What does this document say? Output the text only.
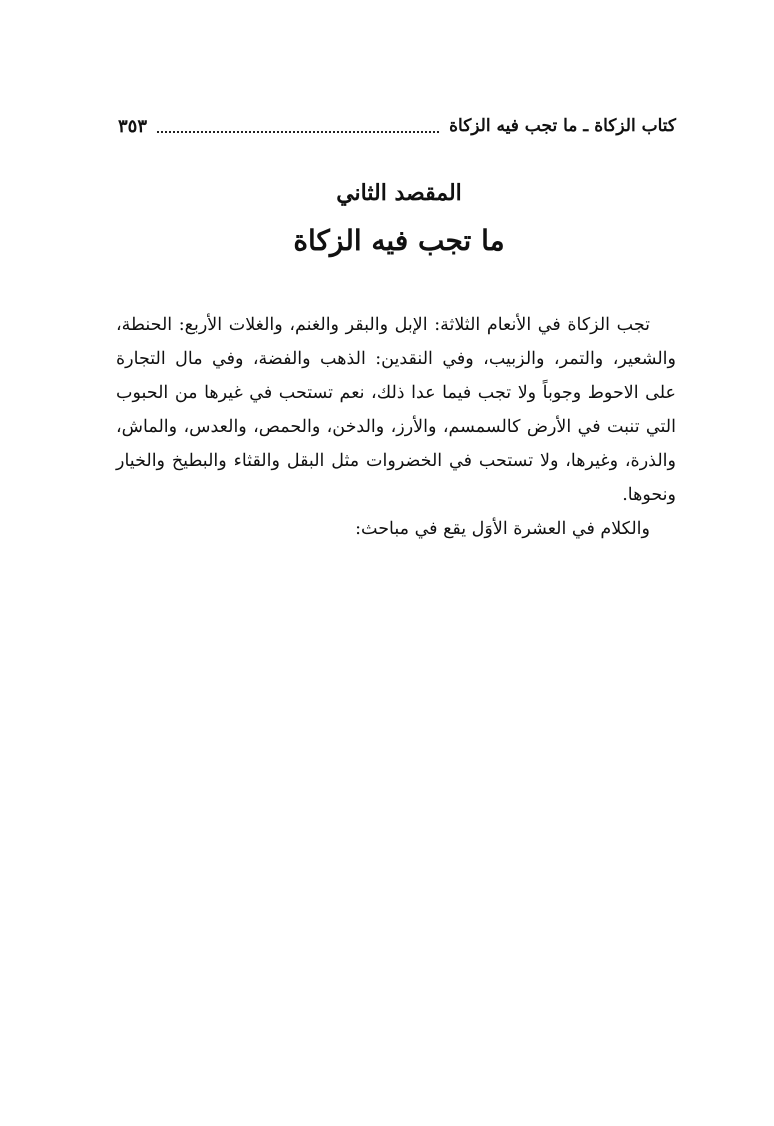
كتاب الزكاة ـ ما تجب فيه الزكاة
٣٥٣
المقصد الثاني
ما تجب فيه الزكاة

تجب الزكاة في الأنعام الثلاثة: الإبل والبقر والغنم، والغلات الأربع: الحنطة، والشعير، والتمر، والزبيب، وفي النقدين: الذهب والفضة، وفي مال التجارة على الاحوط وجوباً ولا تجب فيما عدا ذلك، نعم تستحب في غيرها من الحبوب التي تنبت في الأرض كالسمسم، والأرز، والدخن، والحمص، والعدس، والماش، والذرة، وغيرها، ولا تستحب في الخضروات مثل البقل والقثاء والبطيخ والخيار ونحوها.

والكلام في العشرة الأوَل يقع في مباحث:
